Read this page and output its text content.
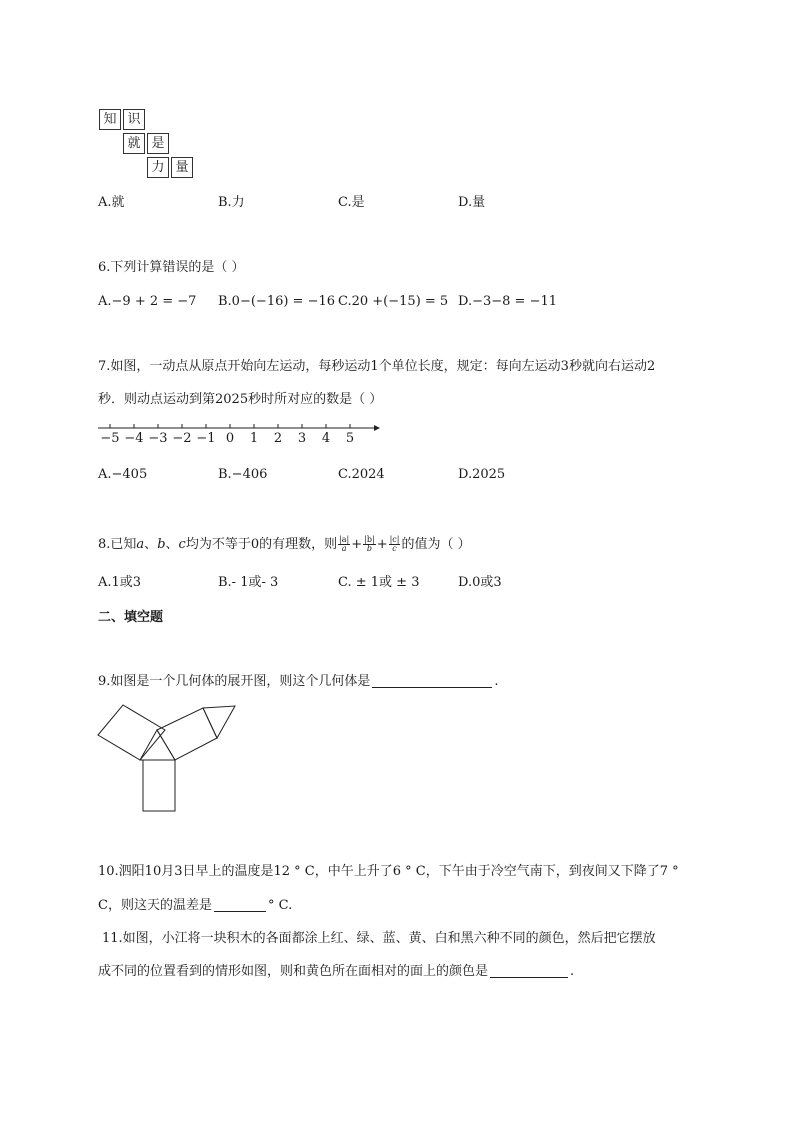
知 识
就 是
力 量
A.就	B.力	C.是	D.量
6.下列计算错误的是（ ）
A.−9 + 2 = −7 B.0−(−16) = −16 C.20 +(−15) = 5 D.−3−8 = −11
7.如图，一动点从原点开始向左运动，每秒运动1个单位长度，规定：每向左运动3秒就向右运动2
秒．则动点运动到第2025秒时所对应的数是（ ）
−5 −4 −3 −2 −1 0	1	2	3	4	5
A.−405	B.−406	C.2024	D.2025
8.已知a、b、c均为不等于0的有理数，则 $\frac{|a|}{a} + \frac{|b|}{b} + \frac{|c|}{c}$ 的值为（ ）
A.1或3	B.- 1或- 3	C. ± 1或 ± 3	D.0或3
二、填空题
9.如图是一个几何体的展开图，则这个几何体是	.
10.泗阳10月3日早上的温度是12 ° C，中午上升了6 ° C，下午由于冷空气南下，到夜间又下降了7 °
C，则这天的温差是	° C.
11.如图，小江将一块积木的各面都涂上红、绿、蓝、黄、白和黑六种不同的颜色，然后把它摆放
成不同的位置看到的情形如图，则和黄色所在面相对的面上的颜色是	.
